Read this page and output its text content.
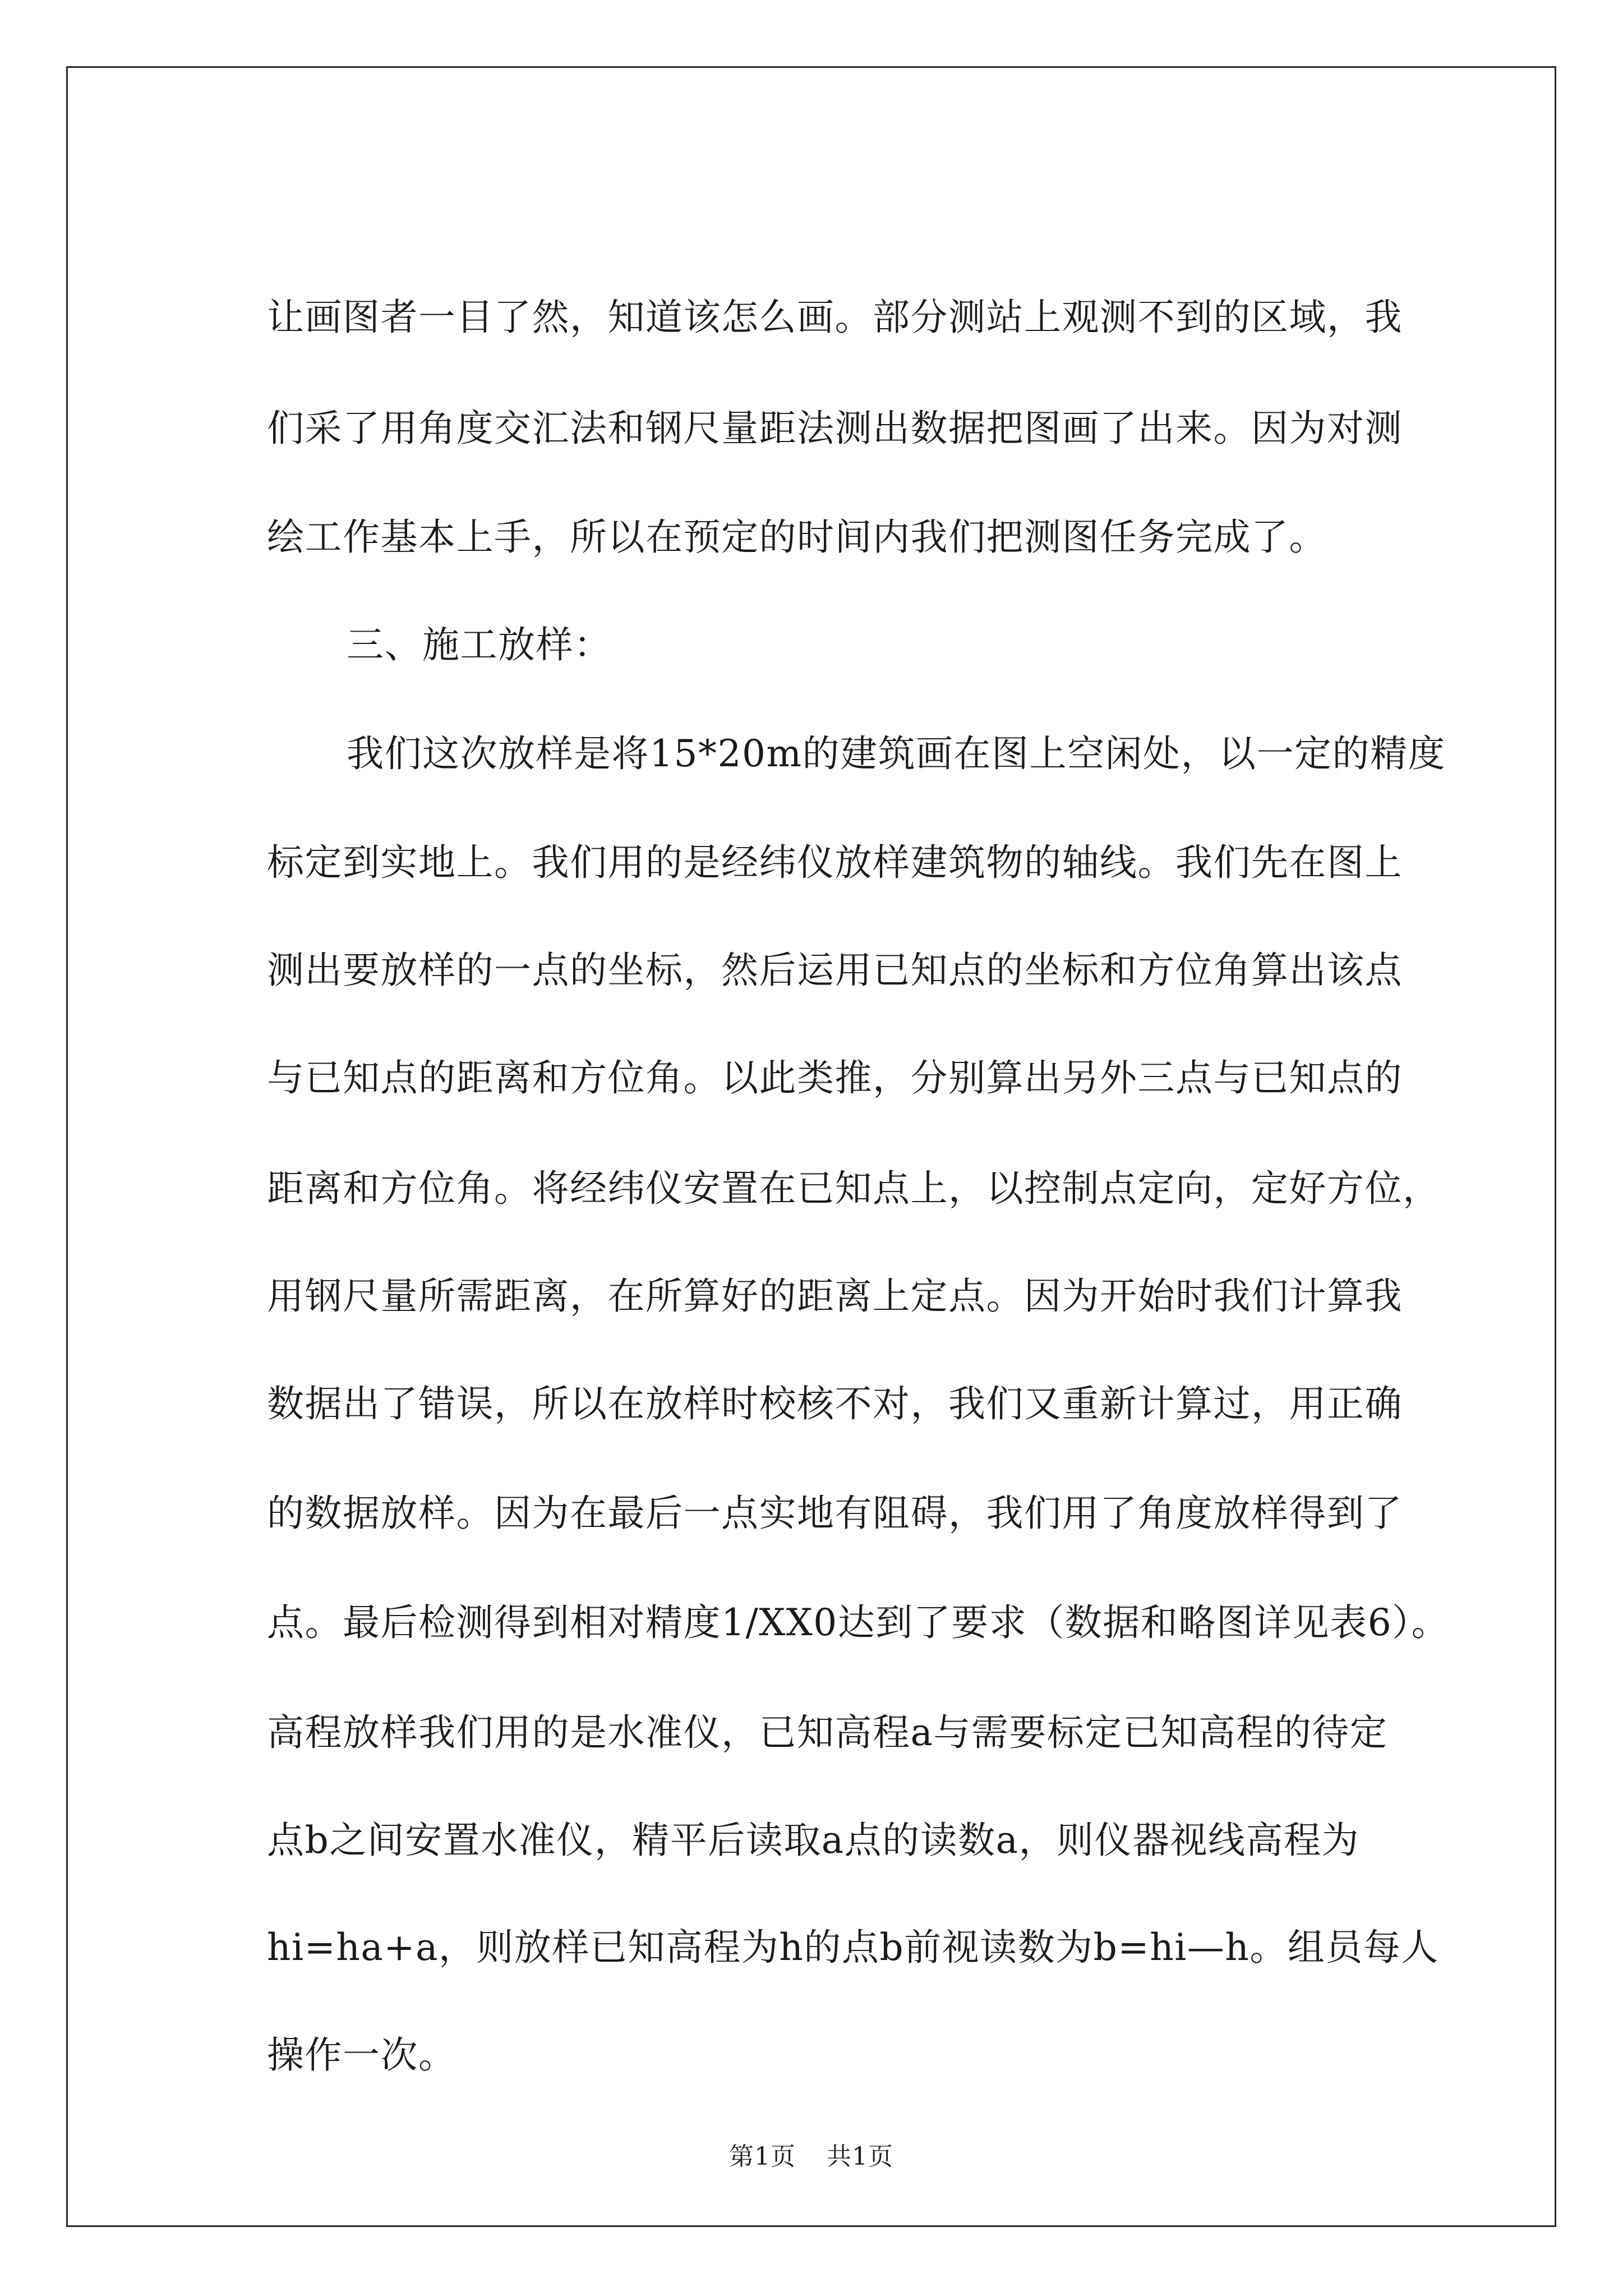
让画图者一目了然，知道该怎么画。部分测站上观测不到的区域，我
们采了用角度交汇法和钢尺量距法测出数据把图画了出来。因为对测
绘工作基本上手，所以在预定的时间内我们把测图任务完成了。
三、施工放样：
我们这次放样是将15*20m的建筑画在图上空闲处，以一定的精度
标定到实地上。我们用的是经纬仪放样建筑物的轴线。我们先在图上
测出要放样的一点的坐标，然后运用已知点的坐标和方位角算出该点
与已知点的距离和方位角。以此类推，分别算出另外三点与已知点的
距离和方位角。将经纬仪安置在已知点上，以控制点定向，定好方位，
用钢尺量所需距离，在所算好的距离上定点。因为开始时我们计算我
数据出了错误，所以在放样时校核不对，我们又重新计算过，用正确
的数据放样。因为在最后一点实地有阻碍，我们用了角度放样得到了
点。最后检测得到相对精度1/XX0达到了要求（数据和略图详见表6）。
高程放样我们用的是水准仪，已知高程a与需要标定已知高程的待定
点b之间安置水准仪，精平后读取a点的读数a，则仪器视线高程为
hi=ha+a，则放样已知高程为h的点b前视读数为b=hi—h。组员每人
操作一次。
第1页 共1页
